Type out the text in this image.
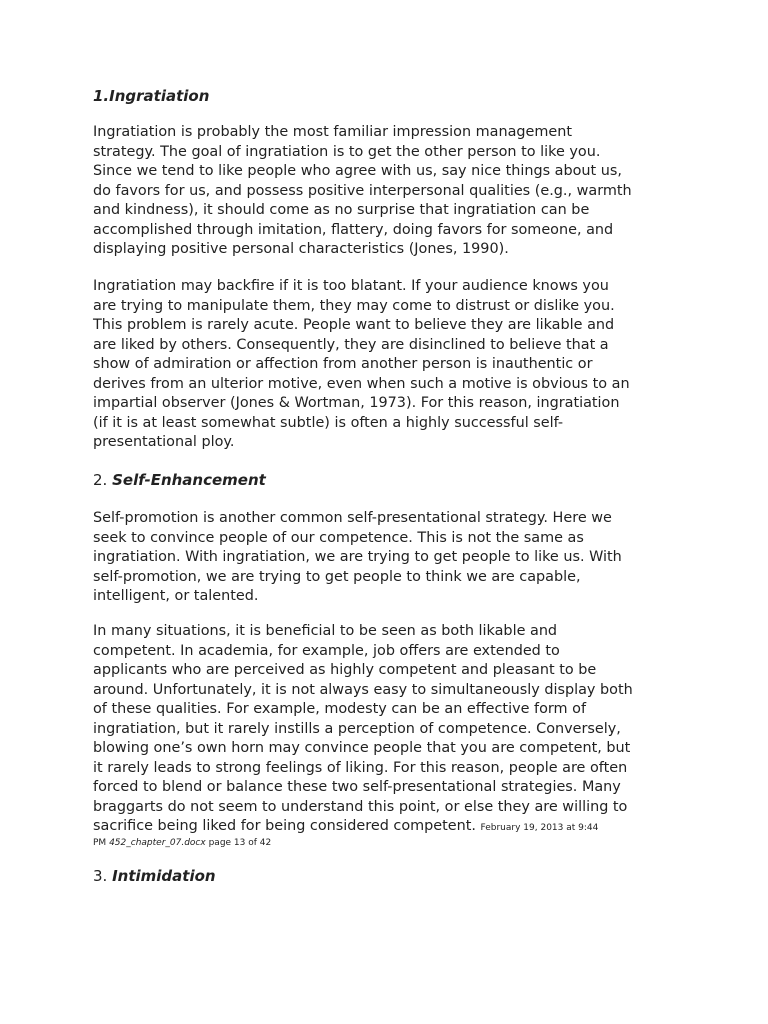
1.Ingratiation
Ingratiation is probably the most familiar impression management
strategy. The goal of ingratiation is to get the other person to like you.
Since we tend to like people who agree with us, say nice things about us,
do favors for us, and possess positive interpersonal qualities (e.g., warmth
and kindness), it should come as no surprise that ingratiation can be
accomplished through imitation, flattery, doing favors for someone, and
displaying positive personal characteristics (Jones, 1990).
Ingratiation may backfire if it is too blatant. If your audience knows you
are trying to manipulate them, they may come to distrust or dislike you.
This problem is rarely acute. People want to believe they are likable and
are liked by others. Consequently, they are disinclined to believe that a
show of admiration or affection from another person is inauthentic or
derives from an ulterior motive, even when such a motive is obvious to an
impartial observer (Jones & Wortman, 1973). For this reason, ingratiation
(if it is at least somewhat subtle) is often a highly successful self-
presentational ploy.
2. Self-Enhancement
Self-promotion is another common self-presentational strategy. Here we
seek to convince people of our competence. This is not the same as
ingratiation. With ingratiation, we are trying to get people to like us. With
self-promotion, we are trying to get people to think we are capable,
intelligent, or talented.
In many situations, it is beneficial to be seen as both likable and
competent. In academia, for example, job offers are extended to
applicants who are perceived as highly competent and pleasant to be
around. Unfortunately, it is not always easy to simultaneously display both
of these qualities. For example, modesty can be an effective form of
ingratiation, but it rarely instills a perception of competence. Conversely,
blowing one’s own horn may convince people that you are competent, but
it rarely leads to strong feelings of liking. For this reason, people are often
forced to blend or balance these two self-presentational strategies. Many
braggarts do not seem to understand this point, or else they are willing to
sacrifice being liked for being considered competent. February 19, 2013 at 9:44
PM 452_chapter_07.docx page 13 of 42
3. Intimidation
